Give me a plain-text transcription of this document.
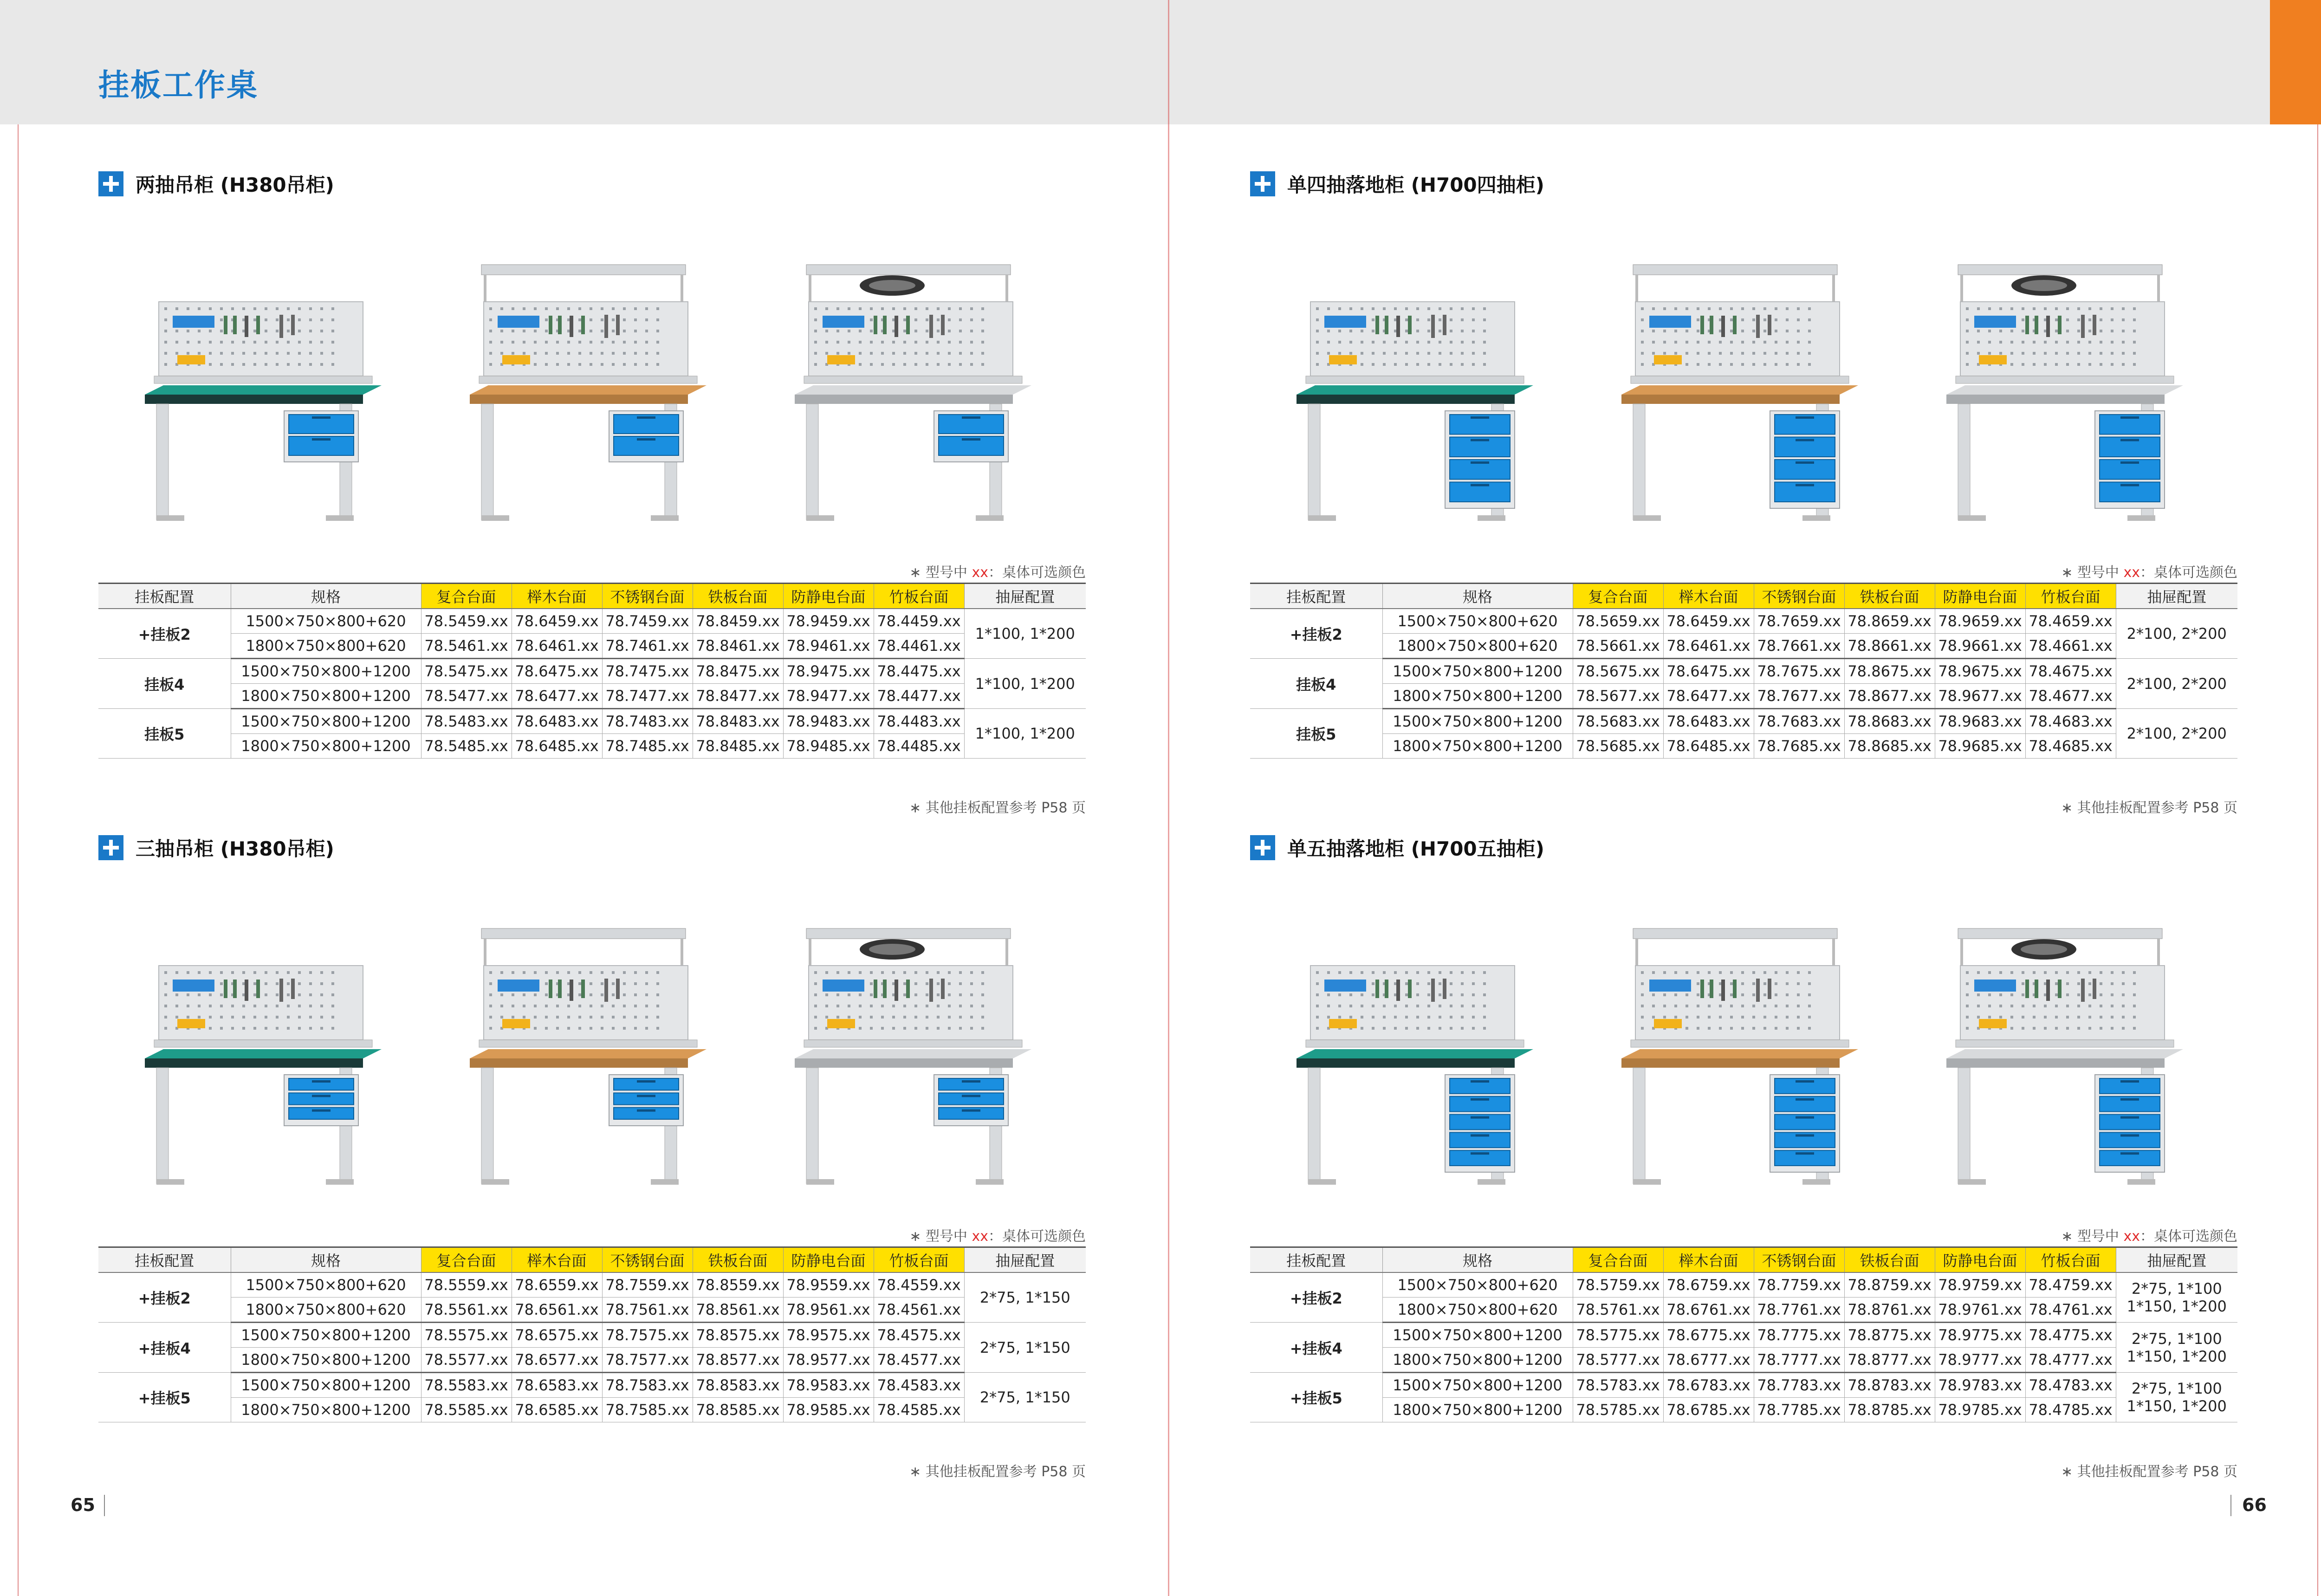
挂板工作桌
65	66
两抽吊柜 (H380吊柜)
∗ 型号中 xx：桌体可选颜色
挂板配置	规格	复合台面	榉木台面	不锈钢台面	铁板台面	防静电台面	竹板台面	抽屉配置
+挂板2	1500×750×800+620	78.5459.xx	78.6459.xx	78.7459.xx	78.8459.xx	78.9459.xx	78.4459.xx	1*100, 1*200
	1800×750×800+620	78.5461.xx	78.6461.xx	78.7461.xx	78.8461.xx	78.9461.xx	78.4461.xx	
挂板4	1500×750×800+1200	78.5475.xx	78.6475.xx	78.7475.xx	78.8475.xx	78.9475.xx	78.4475.xx	1*100, 1*200
	1800×750×800+1200	78.5477.xx	78.6477.xx	78.7477.xx	78.8477.xx	78.9477.xx	78.4477.xx	
挂板5	1500×750×800+1200	78.5483.xx	78.6483.xx	78.7483.xx	78.8483.xx	78.9483.xx	78.4483.xx	1*100, 1*200
	1800×750×800+1200	78.5485.xx	78.6485.xx	78.7485.xx	78.8485.xx	78.9485.xx	78.4485.xx	
∗ 其他挂板配置参考 P58 页
单四抽落地柜 (H700四抽柜)
∗ 型号中 xx：桌体可选颜色
挂板配置	规格	复合台面	榉木台面	不锈钢台面	铁板台面	防静电台面	竹板台面	抽屉配置
+挂板2	1500×750×800+620	78.5659.xx	78.6459.xx	78.7659.xx	78.8659.xx	78.9659.xx	78.4659.xx	2*100, 2*200
	1800×750×800+620	78.5661.xx	78.6461.xx	78.7661.xx	78.8661.xx	78.9661.xx	78.4661.xx	
挂板4	1500×750×800+1200	78.5675.xx	78.6475.xx	78.7675.xx	78.8675.xx	78.9675.xx	78.4675.xx	2*100, 2*200
	1800×750×800+1200	78.5677.xx	78.6477.xx	78.7677.xx	78.8677.xx	78.9677.xx	78.4677.xx	
挂板5	1500×750×800+1200	78.5683.xx	78.6483.xx	78.7683.xx	78.8683.xx	78.9683.xx	78.4683.xx	2*100, 2*200
	1800×750×800+1200	78.5685.xx	78.6485.xx	78.7685.xx	78.8685.xx	78.9685.xx	78.4685.xx	
∗ 其他挂板配置参考 P58 页
三抽吊柜 (H380吊柜)
∗ 型号中 xx：桌体可选颜色
挂板配置	规格	复合台面	榉木台面	不锈钢台面	铁板台面	防静电台面	竹板台面	抽屉配置
+挂板2	1500×750×800+620	78.5559.xx	78.6559.xx	78.7559.xx	78.8559.xx	78.9559.xx	78.4559.xx	2*75, 1*150
	1800×750×800+620	78.5561.xx	78.6561.xx	78.7561.xx	78.8561.xx	78.9561.xx	78.4561.xx	
+挂板4	1500×750×800+1200	78.5575.xx	78.6575.xx	78.7575.xx	78.8575.xx	78.9575.xx	78.4575.xx	2*75, 1*150
	1800×750×800+1200	78.5577.xx	78.6577.xx	78.7577.xx	78.8577.xx	78.9577.xx	78.4577.xx	
+挂板5	1500×750×800+1200	78.5583.xx	78.6583.xx	78.7583.xx	78.8583.xx	78.9583.xx	78.4583.xx	2*75, 1*150
	1800×750×800+1200	78.5585.xx	78.6585.xx	78.7585.xx	78.8585.xx	78.9585.xx	78.4585.xx	
∗ 其他挂板配置参考 P58 页
单五抽落地柜 (H700五抽柜)
∗ 型号中 xx：桌体可选颜色
挂板配置	规格	复合台面	榉木台面	不锈钢台面	铁板台面	防静电台面	竹板台面	抽屉配置
+挂板2	1500×750×800+620	78.5759.xx	78.6759.xx	78.7759.xx	78.8759.xx	78.9759.xx	78.4759.xx	2*75, 1*100 1*150, 1*200
	1800×750×800+620	78.5761.xx	78.6761.xx	78.7761.xx	78.8761.xx	78.9761.xx	78.4761.xx	
+挂板4	1500×750×800+1200	78.5775.xx	78.6775.xx	78.7775.xx	78.8775.xx	78.9775.xx	78.4775.xx	2*75, 1*100 1*150, 1*200
	1800×750×800+1200	78.5777.xx	78.6777.xx	78.7777.xx	78.8777.xx	78.9777.xx	78.4777.xx	
+挂板5	1500×750×800+1200	78.5783.xx	78.6783.xx	78.7783.xx	78.8783.xx	78.9783.xx	78.4783.xx	2*75, 1*100 1*150, 1*200
	1800×750×800+1200	78.5785.xx	78.6785.xx	78.7785.xx	78.8785.xx	78.9785.xx	78.4785.xx	
∗ 其他挂板配置参考 P58 页
